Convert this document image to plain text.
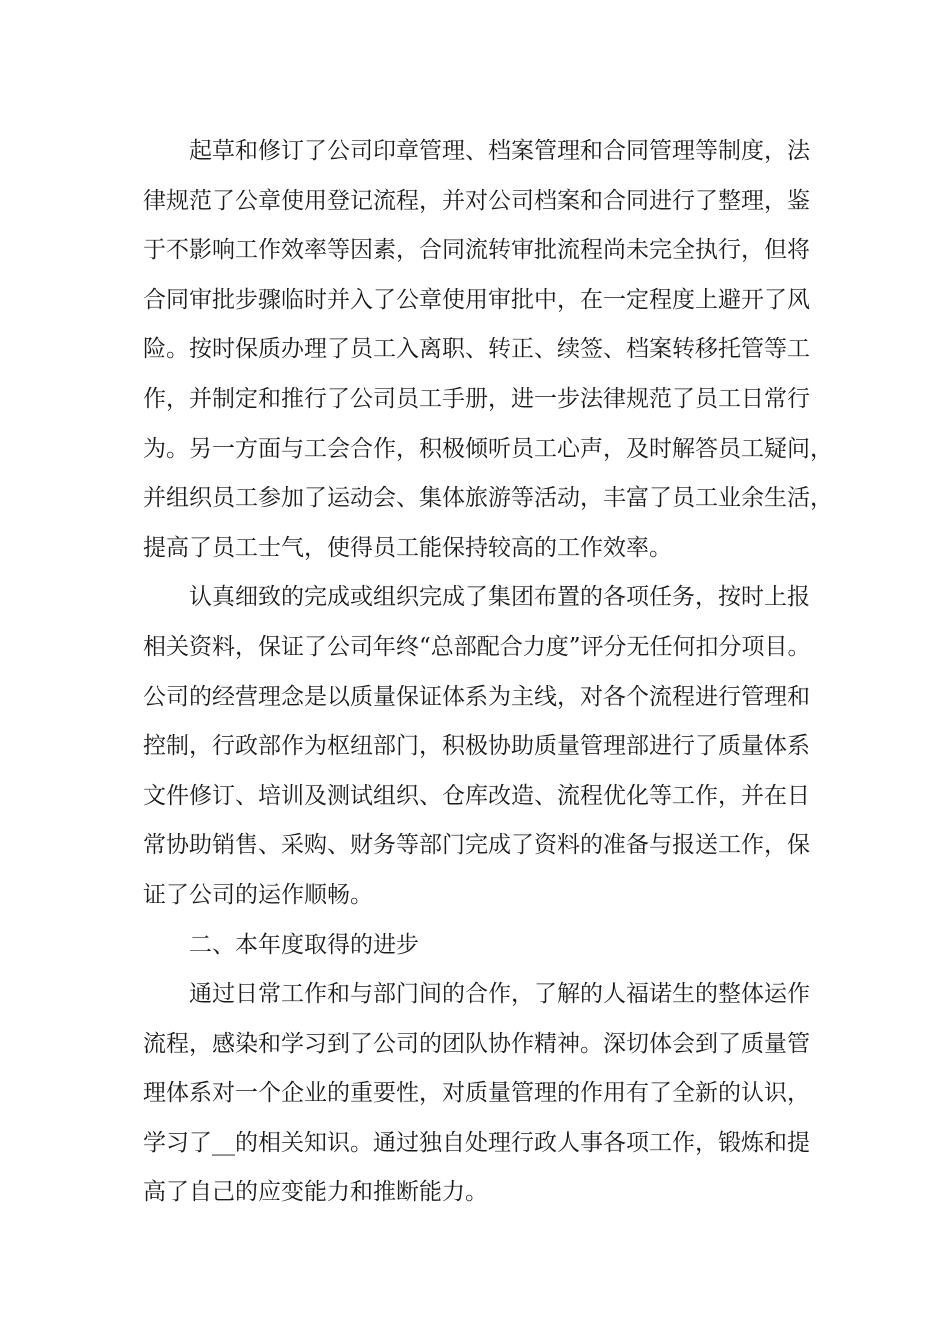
起草和修订了公司印章管理、档案管理和合同管理等制度，法
律规范了公章使用登记流程，并对公司档案和合同进行了整理，鉴
于不影响工作效率等因素，合同流转审批流程尚未完全执行，但将
合同审批步骤临时并入了公章使用审批中，在一定程度上避开了风
险。按时保质办理了员工入离职、转正、续签、档案转移托管等工
作，并制定和推行了公司员工手册，进一步法律规范了员工日常行
为。另一方面与工会合作，积极倾听员工心声，及时解答员工疑问，
并组织员工参加了运动会、集体旅游等活动，丰富了员工业余生活，
提高了员工士气，使得员工能保持较高的工作效率。
认真细致的完成或组织完成了集团布置的各项任务，按时上报
相关资料，保证了公司年终“总部配合力度”评分无任何扣分项目。
公司的经营理念是以质量保证体系为主线，对各个流程进行管理和
控制，行政部作为枢纽部门，积极协助质量管理部进行了质量体系
文件修订、培训及测试组织、仓库改造、流程优化等工作，并在日
常协助销售、采购、财务等部门完成了资料的准备与报送工作，保
证了公司的运作顺畅。
二、本年度取得的进步
通过日常工作和与部门间的合作，了解的人福诺生的整体运作
流程，感染和学习到了公司的团队协作精神。深切体会到了质量管
理体系对一个企业的重要性，对质量管理的作用有了全新的认识，
学习了__的相关知识。通过独自处理行政人事各项工作，锻炼和提
高了自己的应变能力和推断能力。
